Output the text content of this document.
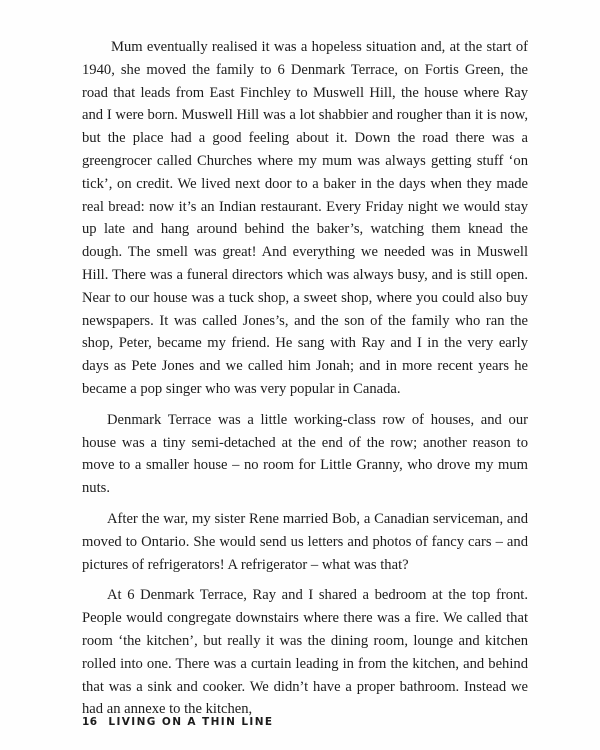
Mum eventually realised it was a hopeless situation and, at the start of 1940, she moved the family to 6 Denmark Terrace, on Fortis Green, the road that leads from East Finchley to Muswell Hill, the house where Ray and I were born. Muswell Hill was a lot shabbier and rougher than it is now, but the place had a good feeling about it. Down the road there was a greengrocer called Churches where my mum was always getting stuff ‘on tick’, on credit. We lived next door to a baker in the days when they made real bread: now it’s an Indian restaurant. Every Friday night we would stay up late and hang around behind the baker’s, watching them knead the dough. The smell was great! And everything we needed was in Muswell Hill. There was a funeral directors which was always busy, and is still open. Near to our house was a tuck shop, a sweet shop, where you could also buy newspapers. It was called Jones’s, and the son of the family who ran the shop, Peter, became my friend. He sang with Ray and I in the very early days as Pete Jones and we called him Jonah; and in more recent years he became a pop singer who was very popular in Canada.

Denmark Terrace was a little working-class row of houses, and our house was a tiny semi-detached at the end of the row; another reason to move to a smaller house – no room for Little Granny, who drove my mum nuts.

After the war, my sister Rene married Bob, a Canadian serviceman, and moved to Ontario. She would send us letters and photos of fancy cars – and pictures of refrigerators! A refrigerator – what was that?

At 6 Denmark Terrace, Ray and I shared a bedroom at the top front. People would congregate downstairs where there was a fire. We called that room ‘the kitchen’, but really it was the dining room, lounge and kitchen rolled into one. There was a curtain leading in from the kitchen, and behind that was a sink and cooker. We didn’t have a proper bathroom. Instead we had an annexe to the kitchen,

16 LIVING ON A THIN LINE
